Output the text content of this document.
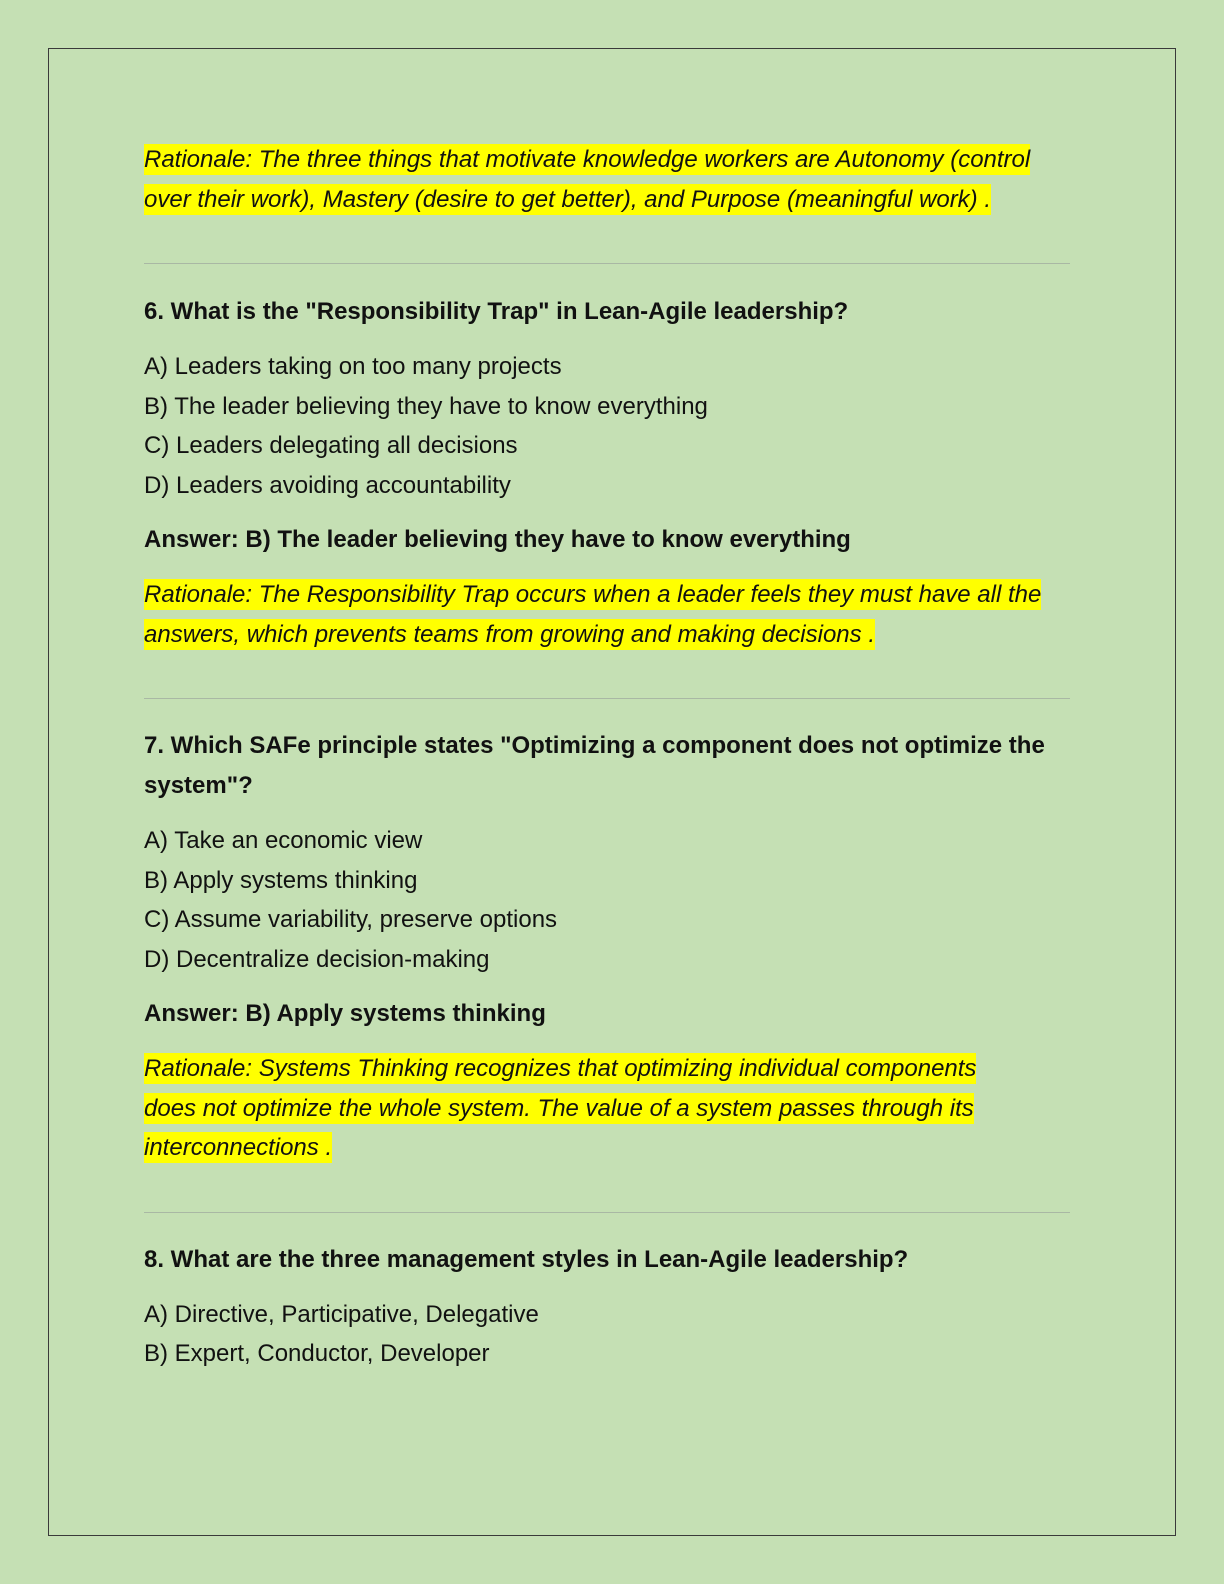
Rationale: The three things that motivate knowledge workers are Autonomy (control over their work), Mastery (desire to get better), and Purpose (meaningful work) .

6. What is the "Responsibility Trap" in Lean-Agile leadership?

A) Leaders taking on too many projects
B) The leader believing they have to know everything
C) Leaders delegating all decisions
D) Leaders avoiding accountability

Answer: B) The leader believing they have to know everything

Rationale: The Responsibility Trap occurs when a leader feels they must have all the answers, which prevents teams from growing and making decisions .

7. Which SAFe principle states "Optimizing a component does not optimize the system"?

A) Take an economic view
B) Apply systems thinking
C) Assume variability, preserve options
D) Decentralize decision-making

Answer: B) Apply systems thinking

Rationale: Systems Thinking recognizes that optimizing individual components does not optimize the whole system. The value of a system passes through its interconnections .

8. What are the three management styles in Lean-Agile leadership?

A) Directive, Participative, Delegative
B) Expert, Conductor, Developer
